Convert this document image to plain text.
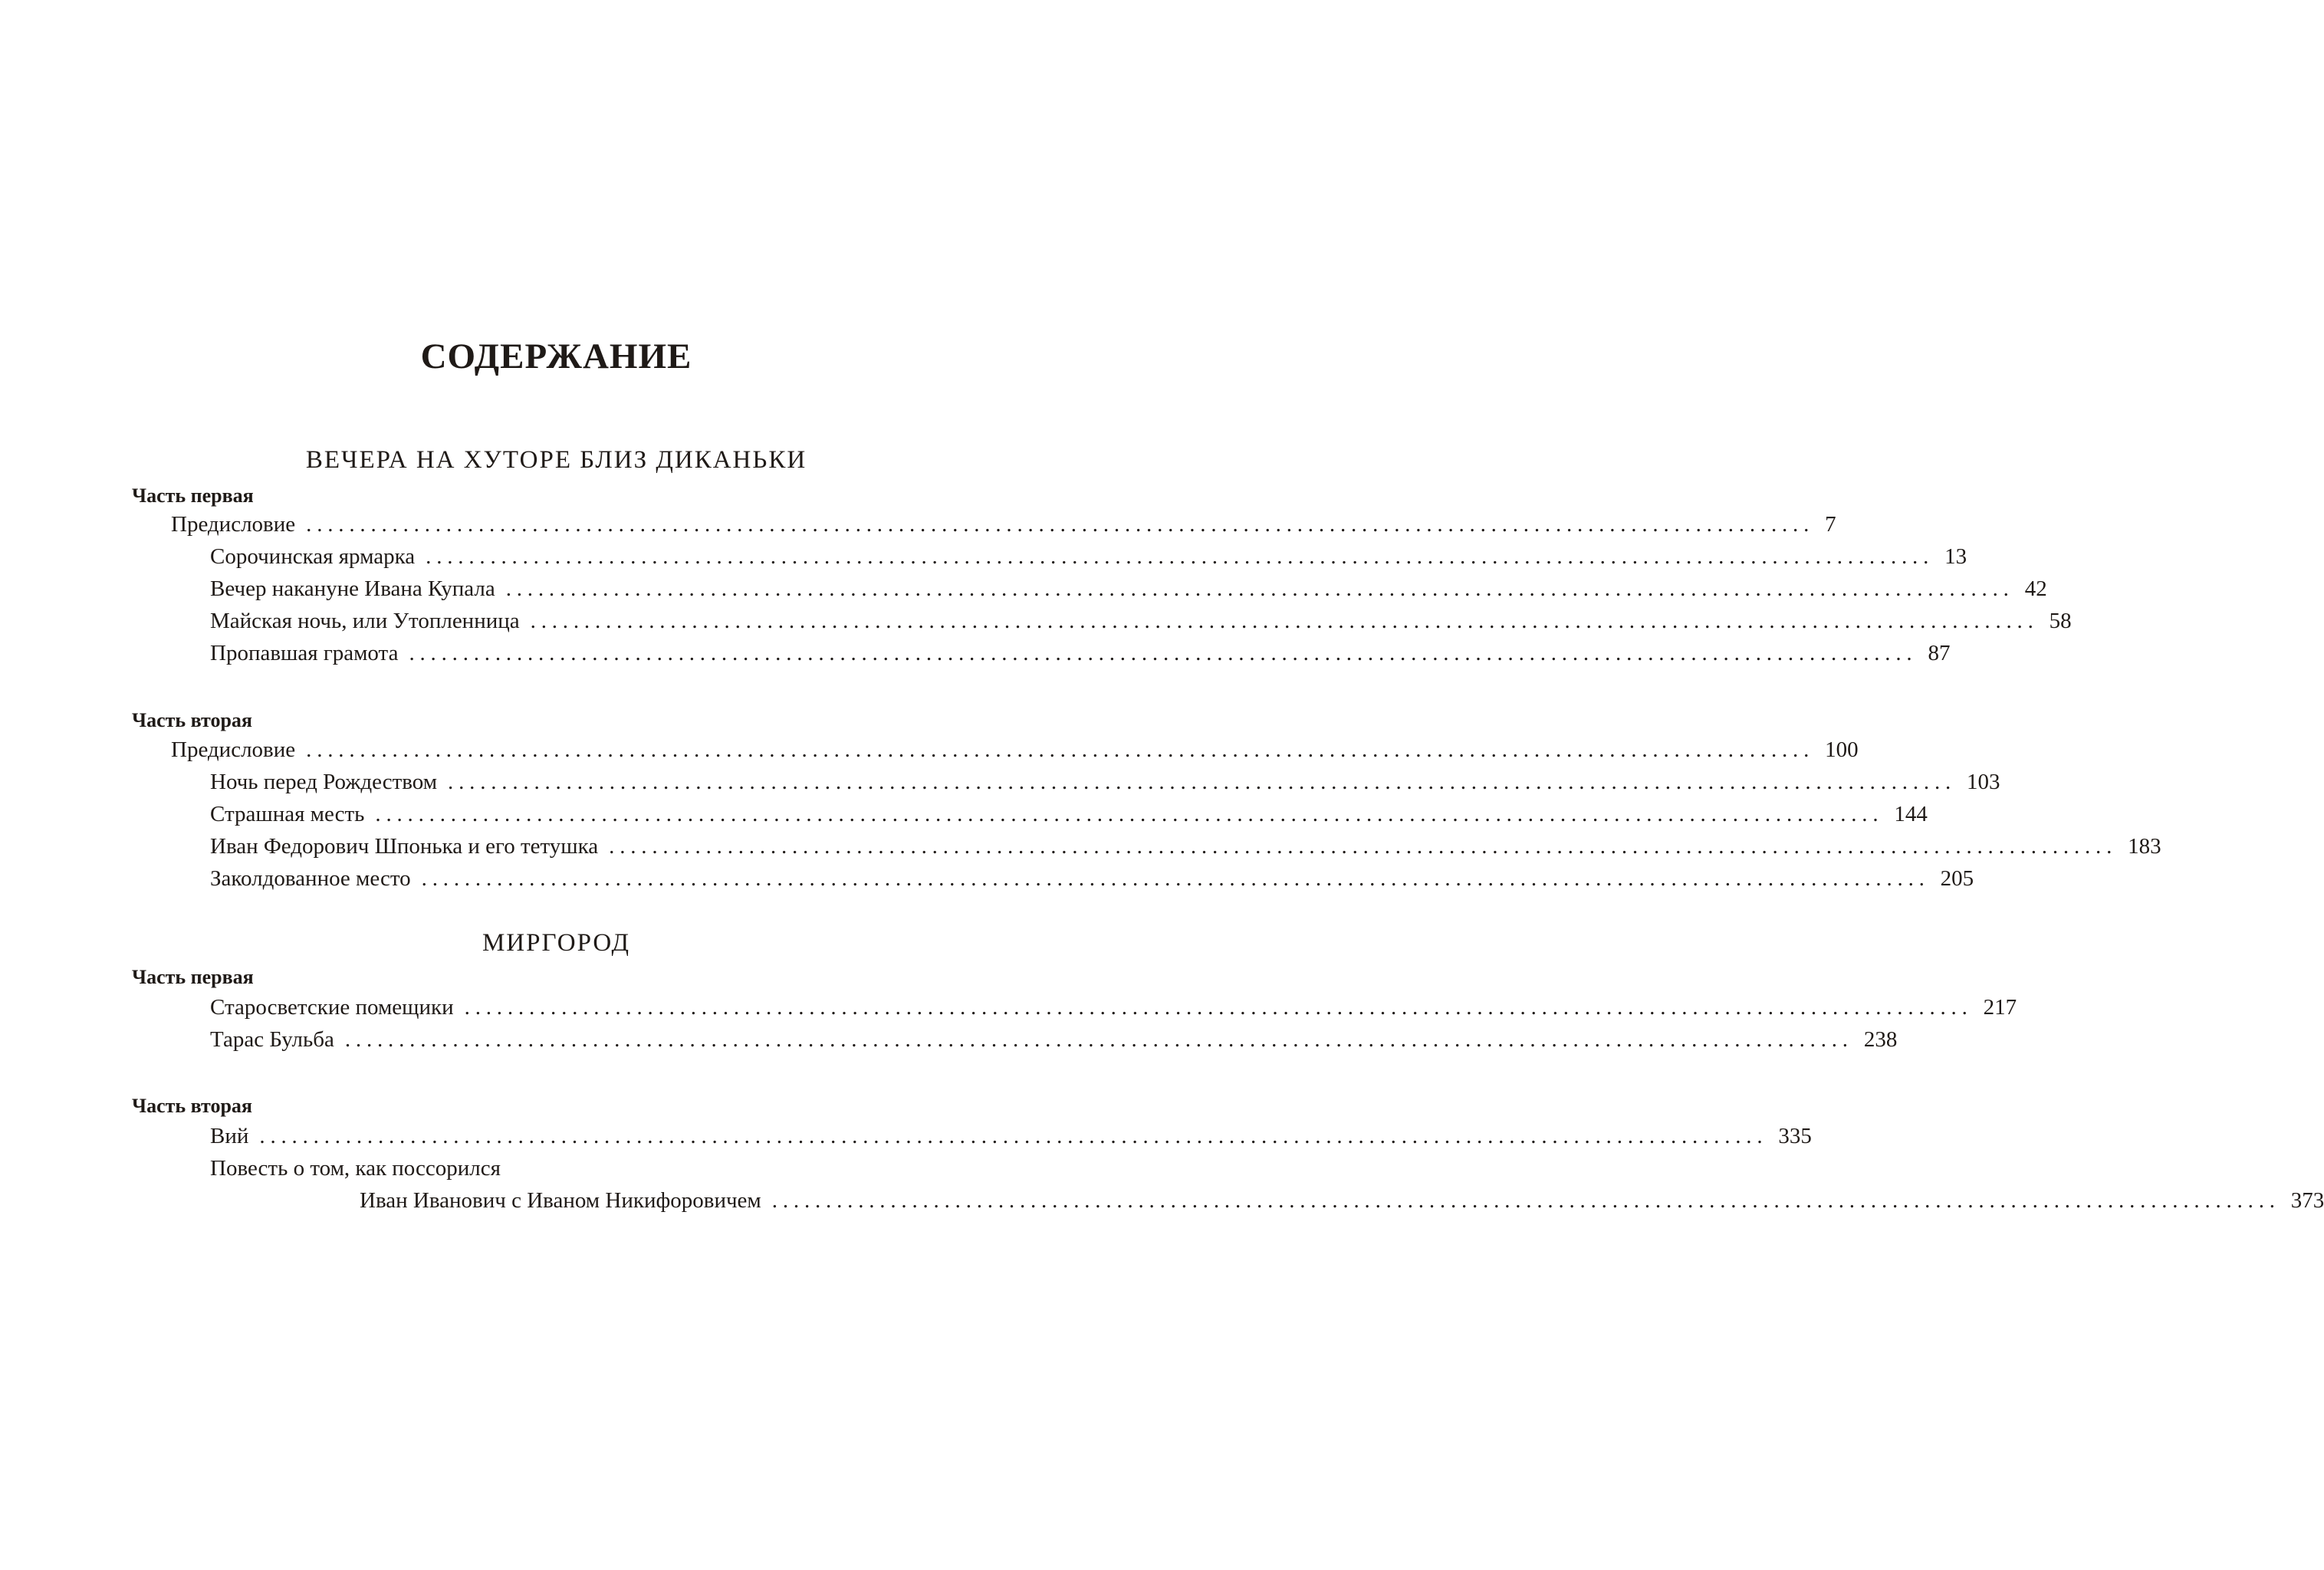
СОДЕРЖАНИЕ
ВЕЧЕРА НА ХУТОРЕ БЛИЗ ДИКАНЬКИ
Часть первая
Предисловие ............................................................................................................................................ 7
Сорочинская ярмарка ............................................................................................................................................ 13
Вечер накануне Ивана Купала ............................................................................................................................................ 42
Майская ночь, или Утопленница ............................................................................................................................................ 58
Пропавшая грамота ............................................................................................................................................ 87
Часть вторая
Предисловие ............................................................................................................................................ 100
Ночь перед Рождеством ............................................................................................................................................ 103
Страшная месть ............................................................................................................................................ 144
Иван Федорович Шпонька и его тетушка ............................................................................................................................................ 183
Заколдованное место ............................................................................................................................................ 205
МИРГОРОД
Часть первая
Старосветские помещики ............................................................................................................................................ 217
Тарас Бульба ............................................................................................................................................ 238
Часть вторая
Вий ............................................................................................................................................ 335
Повесть о том, как поссорился
Иван Иванович с Иваном Никифоровичем ............................................................................................................................................ 373
